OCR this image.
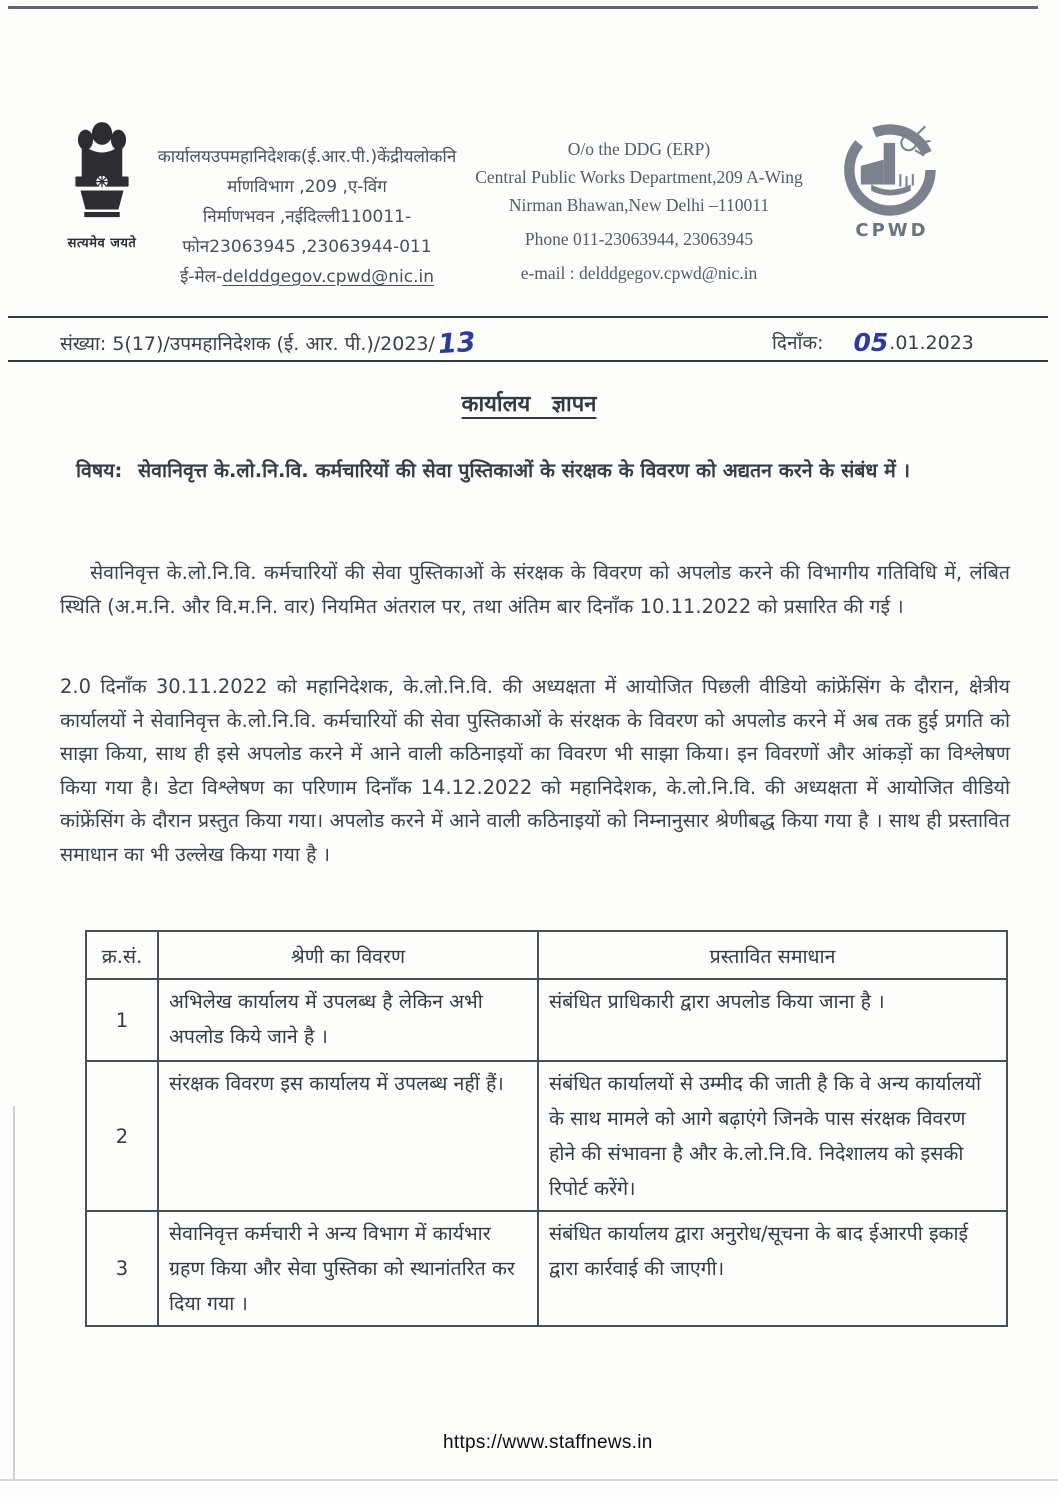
सत्यमेव जयते
कार्यालयउपमहानिदेशक(ई.आर.पी.)केंद्रीयलोकनि
र्माणविभाग ,209 ,ए-विंग
निर्माणभवन ,नईदिल्ली110011-
फोन23063945 ,23063944-011
ई-मेल-delddgegov.cpwd@nic.in
O/o the DDG (ERP)
Central Public Works Department,209 A-Wing
Nirman Bhawan,New Delhi –110011
Phone 011-23063944, 23063945
e-mail : delddgegov.cpwd@nic.in
CPWD
संख्या: 5(17)/उपमहानिदेशक (ई. आर. पी.)/2023/13	दिनाँक: 05.01.2023
कार्यालय ज्ञापन
विषय: सेवानिवृत्त के.लो.नि.वि. कर्मचारियों की सेवा पुस्तिकाओं के संरक्षक के विवरण को अद्यतन करने के संबंध में ।
सेवानिवृत्त के.लो.नि.वि. कर्मचारियों की सेवा पुस्तिकाओं के संरक्षक के विवरण को अपलोड करने की विभागीय गतिविधि में, लंबित स्थिति (अ.म.नि. और वि.म.नि. वार) नियमित अंतराल पर, तथा अंतिम बार दिनाँक 10.11.2022 को प्रसारित की गई ।
2.0 दिनाँक 30.11.2022 को महानिदेशक, के.लो.नि.वि. की अध्यक्षता में आयोजित पिछली वीडियो कांफ्रेंसिंग के दौरान, क्षेत्रीय कार्यालयों ने सेवानिवृत्त के.लो.नि.वि. कर्मचारियों की सेवा पुस्तिकाओं के संरक्षक के विवरण को अपलोड करने में अब तक हुई प्रगति को साझा किया, साथ ही इसे अपलोड करने में आने वाली कठिनाइयों का विवरण भी साझा किया। इन विवरणों और आंकड़ों का विश्लेषण किया गया है। डेटा विश्लेषण का परिणाम दिनाँक 14.12.2022 को महानिदेशक, के.लो.नि.वि. की अध्यक्षता में आयोजित वीडियो कांफ्रेंसिंग के दौरान प्रस्तुत किया गया। अपलोड करने में आने वाली कठिनाइयों को निम्नानुसार श्रेणीबद्ध किया गया है । साथ ही प्रस्तावित समाधान का भी उल्लेख किया गया है ।
क्र.सं.	श्रेणी का विवरण	प्रस्तावित समाधान
1	अभिलेख कार्यालय में उपलब्ध है लेकिन अभी अपलोड किये जाने है ।	संबंधित प्राधिकारी द्वारा अपलोड किया जाना है ।
2	संरक्षक विवरण इस कार्यालय में उपलब्ध नहीं हैं।	संबंधित कार्यालयों से उम्मीद की जाती है कि वे अन्य कार्यालयों के साथ मामले को आगे बढ़ाएंगे जिनके पास संरक्षक विवरण होने की संभावना है और के.लो.नि.वि. निदेशालय को इसकी रिपोर्ट करेंगे।
3	सेवानिवृत्त कर्मचारी ने अन्य विभाग में कार्यभार ग्रहण किया और सेवा पुस्तिका को स्थानांतरित कर दिया गया ।	संबंधित कार्यालय द्वारा अनुरोध/सूचना के बाद ईआरपी इकाई द्वारा कार्रवाई की जाएगी।
https://www.staffnews.in
